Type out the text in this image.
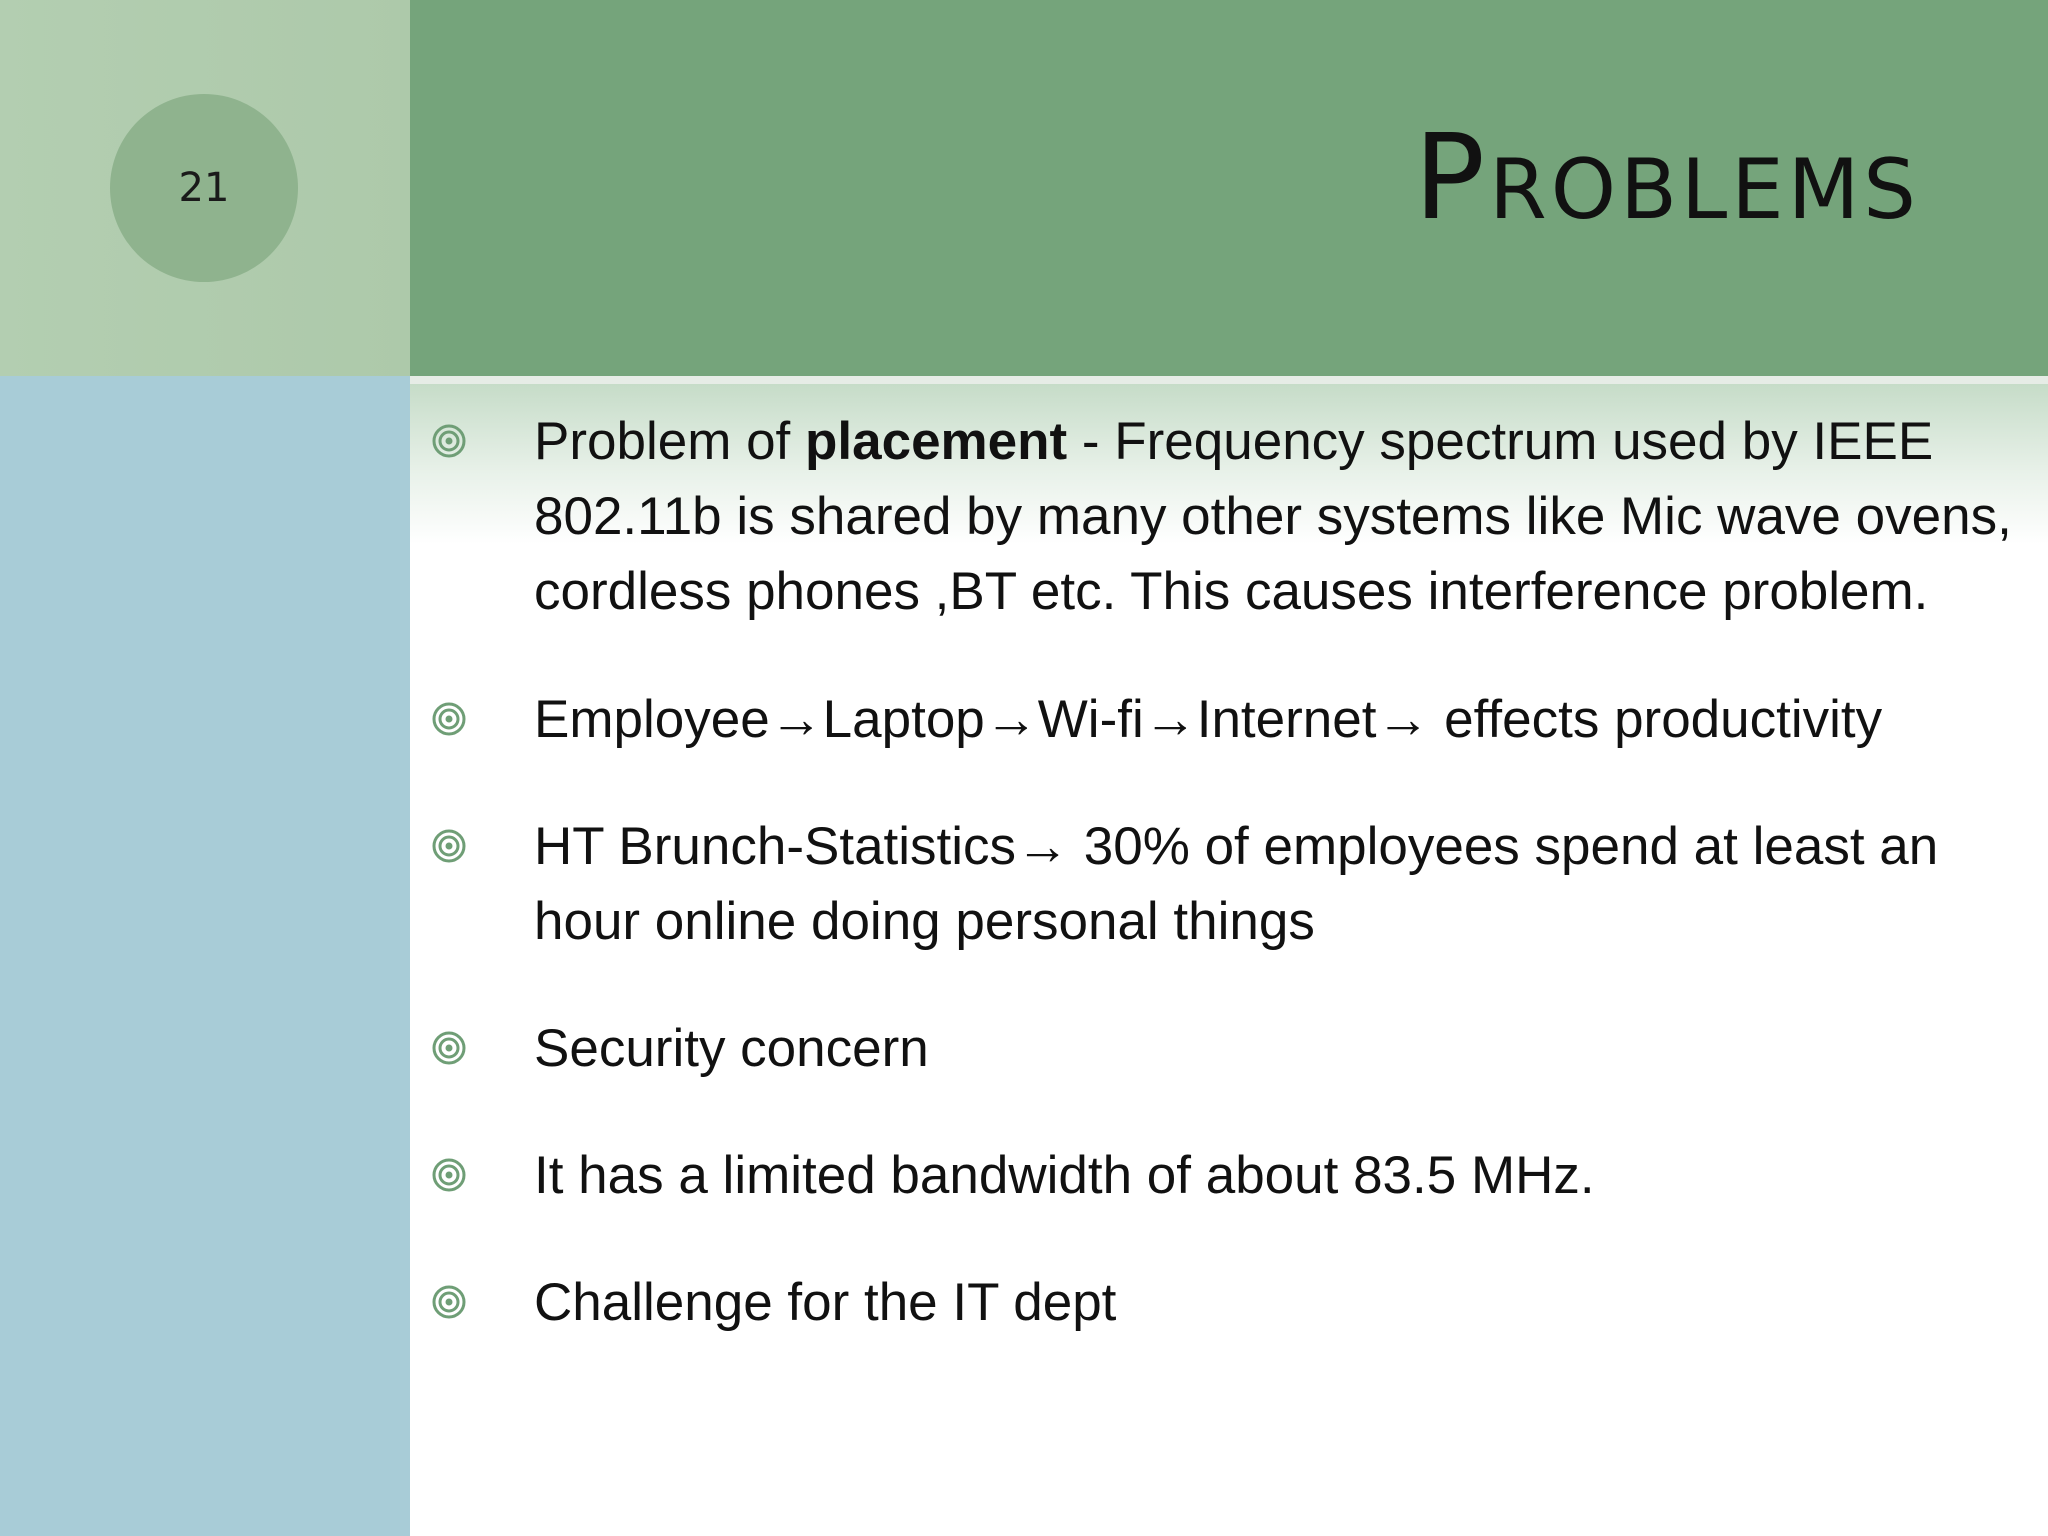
21	Problems
Problem of placement - Frequency spectrum used by IEEE 802.11b is shared by many other systems like Mic wave ovens, cordless phones ,BT etc. This causes interference problem.
Employee→Laptop→Wi-fi→Internet→ effects productivity
HT Brunch-Statistics→ 30% of employees spend at least an hour online doing personal things
Security concern
It has a limited bandwidth of about 83.5 MHz.
Challenge for the IT dept
